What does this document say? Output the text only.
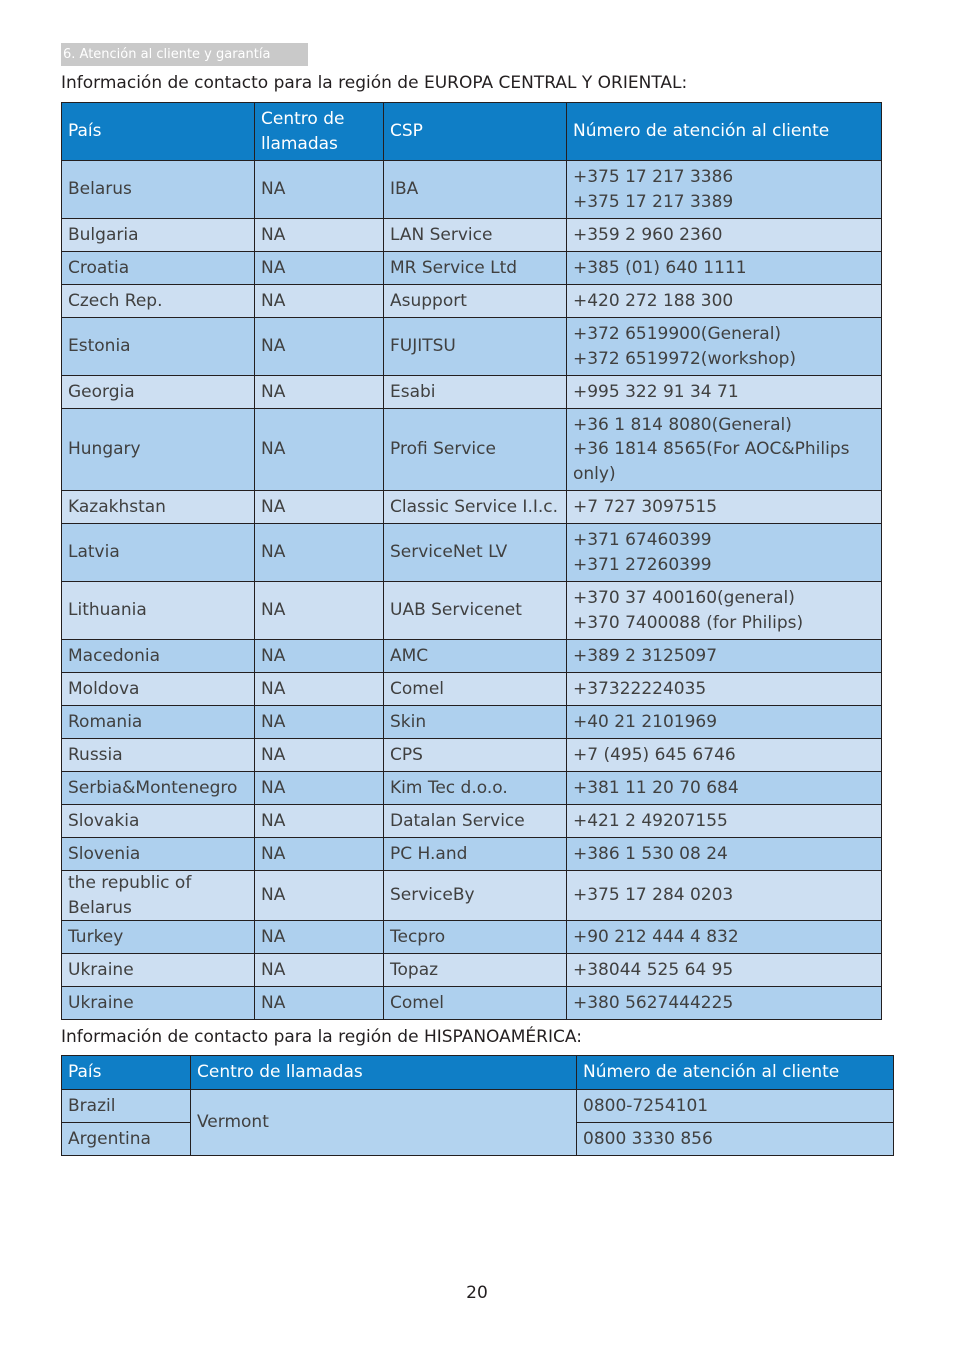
6. Atención al cliente y garantía
Información de contacto para la región de EUROPA CENTRAL Y ORIENTAL:
País	Centro de llamadas	CSP	Número de atención al cliente
Belarus	NA	IBA	+375 17 217 3386
+375 17 217 3389

Bulgaria	NA	LAN Service	+359 2 960 2360

Croatia	NA	MR Service Ltd	+385 (01) 640 1111

Czech Rep.	NA	Asupport	+420 272 188 300

Estonia	NA	FUJITSU	+372 6519900(General)
+372 6519972(workshop)

Georgia	NA	Esabi	+995 322 91 34 71

Hungary	NA	Profi Service	+36 1 814 8080(General)
+36 1814 8565(For AOC&Philips only)

Kazakhstan	NA	Classic Service I.I.c.	+7 727 3097515

Latvia	NA	ServiceNet LV	+371 67460399
+371 27260399

Lithuania	NA	UAB Servicenet	+370 37 400160(general)
+370 7400088 (for Philips)

Macedonia	NA	AMC	+389 2 3125097

Moldova	NA	Comel	+37322224035

Romania	NA	Skin	+40 21 2101969

Russia	NA	CPS	+7 (495) 645 6746

Serbia&Montenegro	NA	Kim Tec d.o.o.	+381 11 20 70 684

Slovakia	NA	Datalan Service	+421 2 49207155

Slovenia	NA	PC H.and	+386 1 530 08 24

the republic of Belarus	NA	ServiceBy	+375 17 284 0203

Turkey	NA	Tecpro	+90 212 444 4 832

Ukraine	NA	Topaz	+38044 525 64 95

Ukraine	NA	Comel	+380 5627444225
Información de contacto para la región de HISPANOAMÉRICA:
País	Centro de llamadas	Número de atención al cliente
Brazil	Vermont	0800-7254101
Argentina		0800 3330 856
20
